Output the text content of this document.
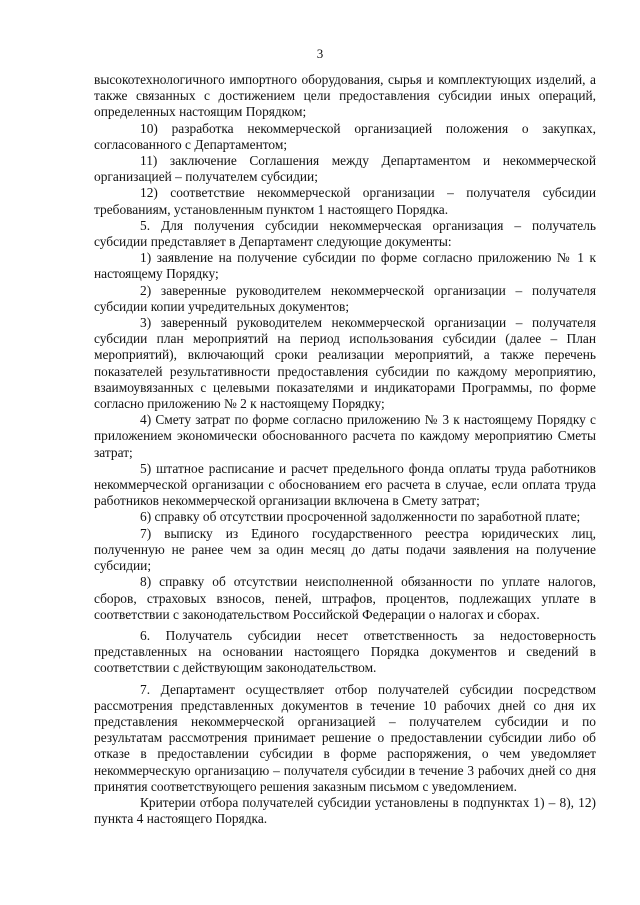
3

высокотехнологичного импортного оборудования, сырья и комплектующих изделий, а также связанных с достижением цели предоставления субсидии иных операций, определенных настоящим Порядком;

10) разработка некоммерческой организацией положения о закупках, согласованного с Департаментом;

11) заключение Соглашения между Департаментом и некоммерческой организацией – получателем субсидии;

12) соответствие некоммерческой организации – получателя субсидии требованиям, установленным пунктом 1 настоящего Порядка.

5. Для получения субсидии некоммерческая организация – получатель субсидии представляет в Департамент следующие документы:

1) заявление на получение субсидии по форме согласно приложению № 1 к настоящему Порядку;

2) заверенные руководителем некоммерческой организации – получателя субсидии копии учредительных документов;

3) заверенный руководителем некоммерческой организации – получателя субсидии план мероприятий на период использования субсидии (далее – План мероприятий), включающий сроки реализации мероприятий, а также перечень показателей результативности предоставления субсидии по каждому мероприятию, взаимоувязанных с целевыми показателями и индикаторами Программы, по форме согласно приложению № 2 к настоящему Порядку;

4) Смету затрат по форме согласно приложению № 3 к настоящему Порядку с приложением экономически обоснованного расчета по каждому мероприятию Сметы затрат;

5) штатное расписание и расчет предельного фонда оплаты труда работников некоммерческой организации с обоснованием его расчета в случае, если оплата труда работников некоммерческой организации включена в Смету затрат;

6) справку об отсутствии просроченной задолженности по заработной плате;

7) выписку из Единого государственного реестра юридических лиц, полученную не ранее чем за один месяц до даты подачи заявления на получение субсидии;

8) справку об отсутствии неисполненной обязанности по уплате налогов, сборов, страховых взносов, пеней, штрафов, процентов, подлежащих уплате в соответствии с законодательством Российской Федерации о налогах и сборах.

6. Получатель субсидии несет ответственность за недостоверность представленных на основании настоящего Порядка документов и сведений в соответствии с действующим законодательством.

7. Департамент осуществляет отбор получателей субсидии посредством рассмотрения представленных документов в течение 10 рабочих дней со дня их представления некоммерческой организацией – получателем субсидии и по результатам рассмотрения принимает решение о предоставлении субсидии либо об отказе в предоставлении субсидии в форме распоряжения, о чем уведомляет некоммерческую организацию – получателя субсидии в течение 3 рабочих дней со дня принятия соответствующего решения заказным письмом с уведомлением.

Критерии отбора получателей субсидии установлены в подпунктах 1) – 8), 12) пункта 4 настоящего Порядка.
